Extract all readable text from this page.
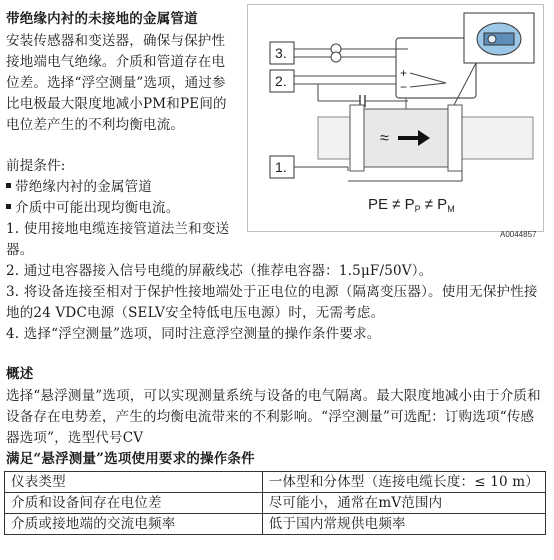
带绝缘内衬的未接地的金属管道
安装传感器和变送器，确保与保护性
接地端电气绝缘。介质和管道存在电
位差。选择“浮空测量”选项，通过参
比电极最大限度地减小PM和PE间的
电位差产生的不利均衡电流。
前提条件:
带绝缘内衬的金属管道
介质中可能出现均衡电流。
1. 使用接地电缆连接管道法兰和变送
器。
2. 通过电容器接入信号电缆的屏蔽线芯（推荐电容器：1.5μF/50V）。
3. 将设备连接至相对于保护性接地端处于正电位的电源（隔离变压器）。使用无保护性接
地的24 VDC电源（SELV安全特低电压电源）时，无需考虑。
4. 选择“浮空测量”选项，同时注意浮空测量的操作条件要求。
3.
2.
1.
+
−
≈
PE ≠ $P_P \ne P_M$
A0044857
概述
选择“悬浮测量”选项，可以实现测量系统与设备的电气隔离。最大限度地减小由于介质和
设备存在电势差，产生的均衡电流带来的不利影响。“浮空测量”可选配：订购选项“传感
器选项”，选型代号CV
满足“悬浮测量”选项使用要求的操作条件
仪表类型	一体型和分体型（连接电缆长度：≤ 10 m）
介质和设备间存在电位差	尽可能小，通常在mV范围内
介质或接地端的交流电频率	低于国内常规供电频率
